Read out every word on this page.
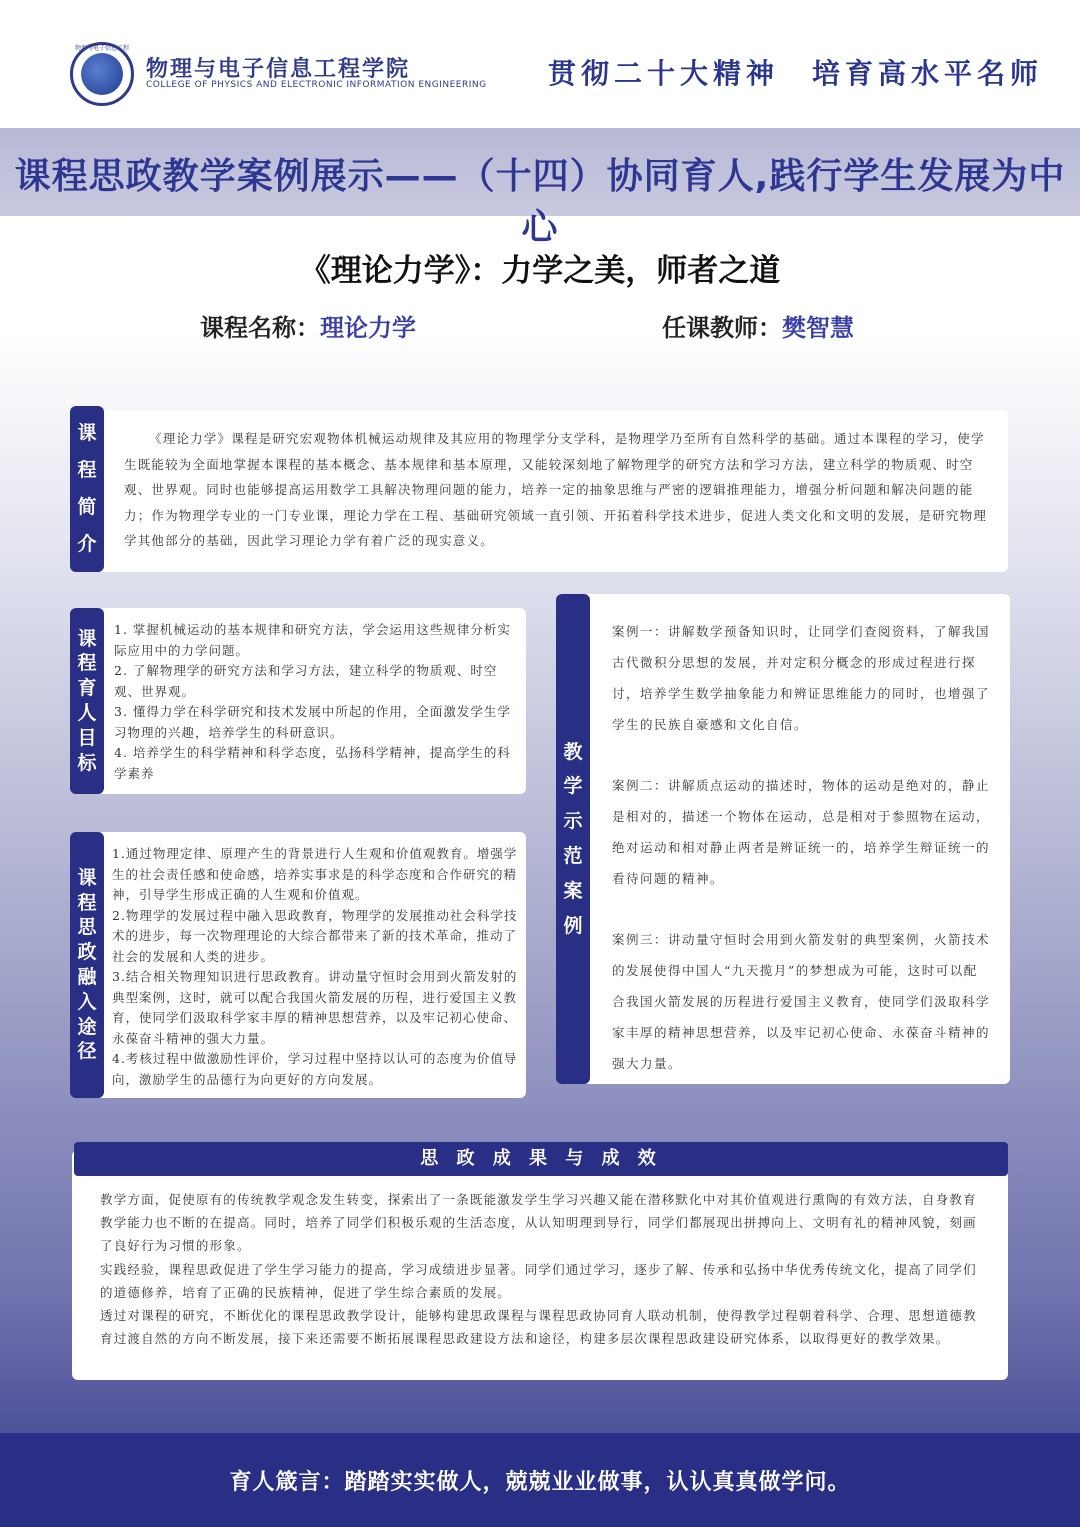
物理与电子信息工程
物理与电子信息工程学院
COLLEGE OF PHYSICS AND ELECTRONIC INFORMATION ENGINEERING 贯彻二十大精神　培育高水平名师
课程思政教学案例展示——（十四）协同育人,践行学生发展为中心
《理论力学》：力学之美，师者之道
课程名称：理论力学	任课教师：樊智慧
《理论力学》课程是研究宏观物体机械运动规律及其应用的物理学分支学科，是物理学乃至所有自然科学的基础。通过本课程的学习，使学生既能较为全面地掌握本课程的基本概念、基本规律和基本原理，又能较深刻地了解物理学的研究方法和学习方法，建立科学的物质观、时空观、世界观。同时也能够提高运用数学工具解决物理问题的能力，培养一定的抽象思维与严密的逻辑推理能力，增强分析问题和解决问题的能力；作为物理学专业的一门专业课，理论力学在工程、基础研究领域一直引领、开拓着科学技术进步，促进人类文化和文明的发展，是研究物理学其他部分的基础，因此学习理论力学有着广泛的现实意义。
课
程
简
介
1. 掌握机械运动的基本规律和研究方法，学会运用这些规律分析实际应用中的力学问题。
2. 了解物理学的研究方法和学习方法，建立科学的物质观、时空观、世界观。
3. 懂得力学在科学研究和技术发展中所起的作用，全面激发学生学习物理的兴趣，培养学生的科研意识。
4. 培养学生的科学精神和科学态度，弘扬科学精神，提高学生的科学素养
课
程
育
人
目
标
1.通过物理定律、原理产生的背景进行人生观和价值观教育。增强学生的社会责任感和使命感，培养实事求是的科学态度和合作研究的精神，引导学生形成正确的人生观和价值观。
2.物理学的发展过程中融入思政教育，物理学的发展推动社会科学技术的进步，每一次物理理论的大综合都带来了新的技术革命，推动了社会的发展和人类的进步。
3.结合相关物理知识进行思政教育。讲动量守恒时会用到火箭发射的典型案例，这时，就可以配合我国火箭发展的历程，进行爱国主义教育，使同学们汲取科学家丰厚的精神思想营养，以及牢记初心使命、永葆奋斗精神的强大力量。
4.考核过程中做激励性评价，学习过程中坚持以认可的态度为价值导向，激励学生的品德行为向更好的方向发展。
课
程
思
政
融
入
途
径

案例一：讲解数学预备知识时，让同学们查阅资料，了解我国古代微积分思想的发展，并对定积分概念的形成过程进行探讨，培养学生数学抽象能力和辨证思维能力的同时，也增强了学生的民族自豪感和文化自信。

案例二：讲解质点运动的描述时，物体的运动是绝对的，静止是相对的，描述一个物体在运动，总是相对于参照物在运动，绝对运动和相对静止两者是辨证统一的，培养学生辩证统一的看待问题的精神。

案例三：讲动量守恒时会用到火箭发射的典型案例，火箭技术的发展使得中国人“九天揽月”的梦想成为可能，这时可以配合我国火箭发展的历程进行爱国主义教育，使同学们汲取科学家丰厚的精神思想营养，以及牢记初心使命、永葆奋斗精神的强大力量。

教
学
示
范
案
例
思 政 成 果 与 成 效
教学方面，促使原有的传统教学观念发生转变，探索出了一条既能激发学生学习兴趣又能在潜移默化中对其价值观进行熏陶的有效方法，自身教育教学能力也不断的在提高。同时，培养了同学们积极乐观的生活态度，从认知明理到导行，同学们都展现出拼搏向上、文明有礼的精神风貌，刻画了良好行为习惯的形象。
实践经验，课程思政促进了学生学习能力的提高，学习成绩进步显著。同学们通过学习，逐步了解、传承和弘扬中华优秀传统文化，提高了同学们的道德修养，培育了正确的民族精神，促进了学生综合素质的发展。
透过对课程的研究，不断优化的课程思政教学设计，能够构建思政课程与课程思政协同育人联动机制，使得教学过程朝着科学、合理、思想道德教育过渡自然的方向不断发展，接下来还需要不断拓展课程思政建设方法和途径，构建多层次课程思政建设研究体系，以取得更好的教学效果。
育人箴言：踏踏实实做人，兢兢业业做事，认认真真做学问。
